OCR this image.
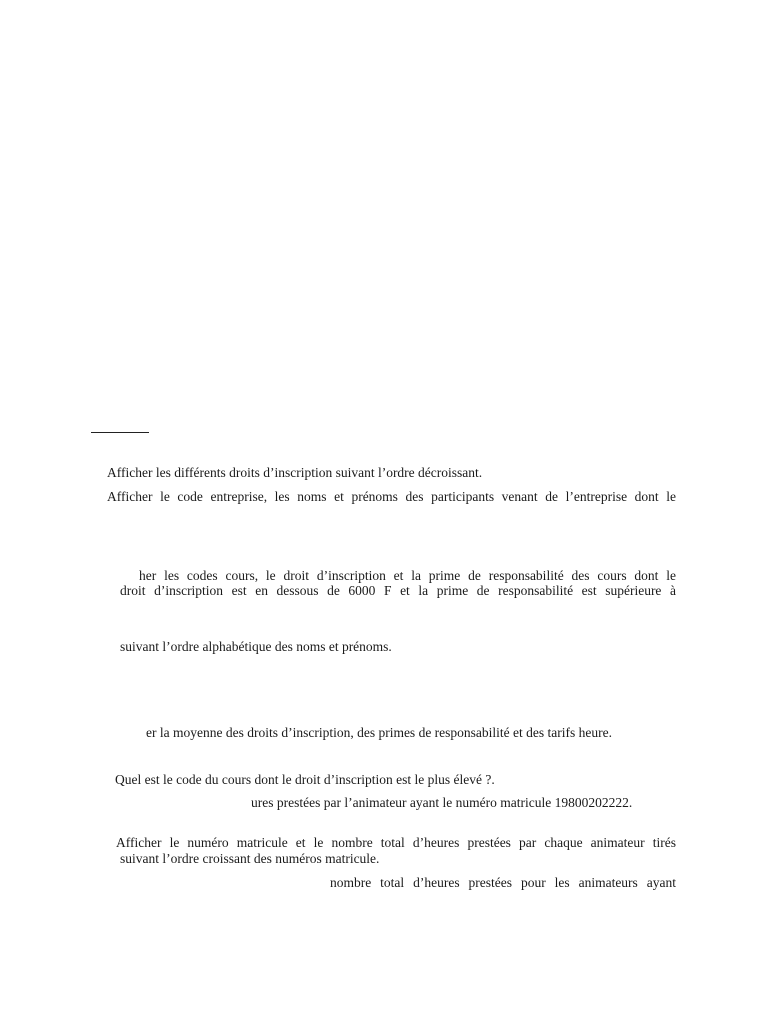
Afficher les différents droits d’inscription suivant l’ordre décroissant.
Afficher le code entreprise, les noms et prénoms des participants venant de l’entreprise dont le
her les codes cours, le droit d’inscription et la prime de responsabilité des cours dont le
droit d’inscription est en dessous de 6000 F et la prime de responsabilité est supérieure à
suivant l’ordre alphabétique des noms et prénoms.
er la moyenne des droits d’inscription, des primes de responsabilité et des tarifs heure.
Quel est le code du cours dont le droit d’inscription est le plus élevé ?.
ures prestées par l’animateur ayant le numéro matricule 19800202222.
Afficher le numéro matricule et le nombre total d’heures prestées par chaque animateur tirés
suivant l’ordre croissant des numéros matricule.
nombre total d’heures prestées pour les animateurs ayant
